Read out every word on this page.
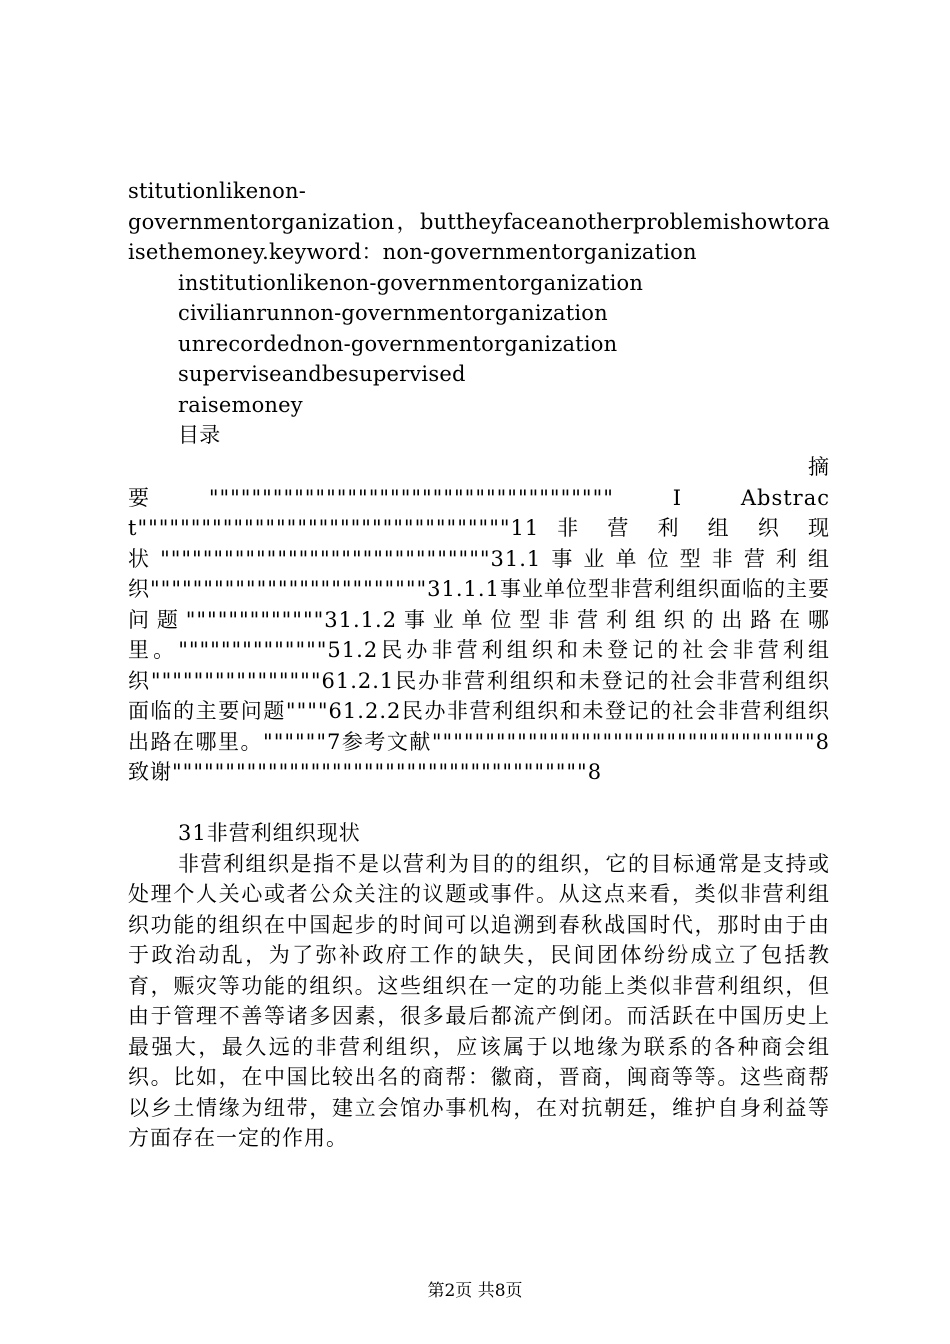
stitutionlikenon-
governmentorganization，buttheyfaceanotherproblemishowtoraisethemoney.keyword：non-governmentorganization
institutionlikenon-governmentorganization
civilianrunnon-governmentorganization
unrecordednon-governmentorganization
superviseandbesupervised
raisemoney
目录
摘
要""""""""""""""""""""""""""""""""""""""ⅠAbstract"""""""""""""""""""""""""""""""""""11 非 营 利 组 织 现状"""""""""""""""""""""""""""""""31.1事业单位型非营利组织""""""""""""""""""""""""""31.1.1事业单位型非营利组织面临的主要问题"""""""""""""31.1.2事业单位型非营利组织的出路在哪里。""""""""""""""51.2民办非营利组织和未登记的社会非营利组织""""""""""""""""61.2.1民办非营利组织和未登记的社会非营利组织面临的主要问题""""61.2.2民办非营利组织和未登记的社会非营利组织出路在哪里。""""""7参考文献""""""""""""""""""""""""""""""""""""8 致谢"""""""""""""""""""""""""""""""""""""""8
31非营利组织现状
非营利组织是指不是以营利为目的的组织，它的目标通常是支持或处理个人关心或者公众关注的议题或事件。从这点来看，类似非营利组织功能的组织在中国起步的时间可以追溯到春秋战国时代，那时由于由于政治动乱，为了弥补政府工作的缺失，民间团体纷纷成立了包括教育，赈灾等功能的组织。这些组织在一定的功能上类似非营利组织，但由于管理不善等诸多因素，很多最后都流产倒闭。而活跃在中国历史上最强大，最久远的非营利组织，应该属于以地缘为联系的各种商会组织。比如，在中国比较出名的商帮：徽商，晋商，闽商等等。这些商帮以乡土情缘为纽带，建立会馆办事机构，在对抗朝廷，维护自身利益等方面存在一定的作用。
第2页 共8页
